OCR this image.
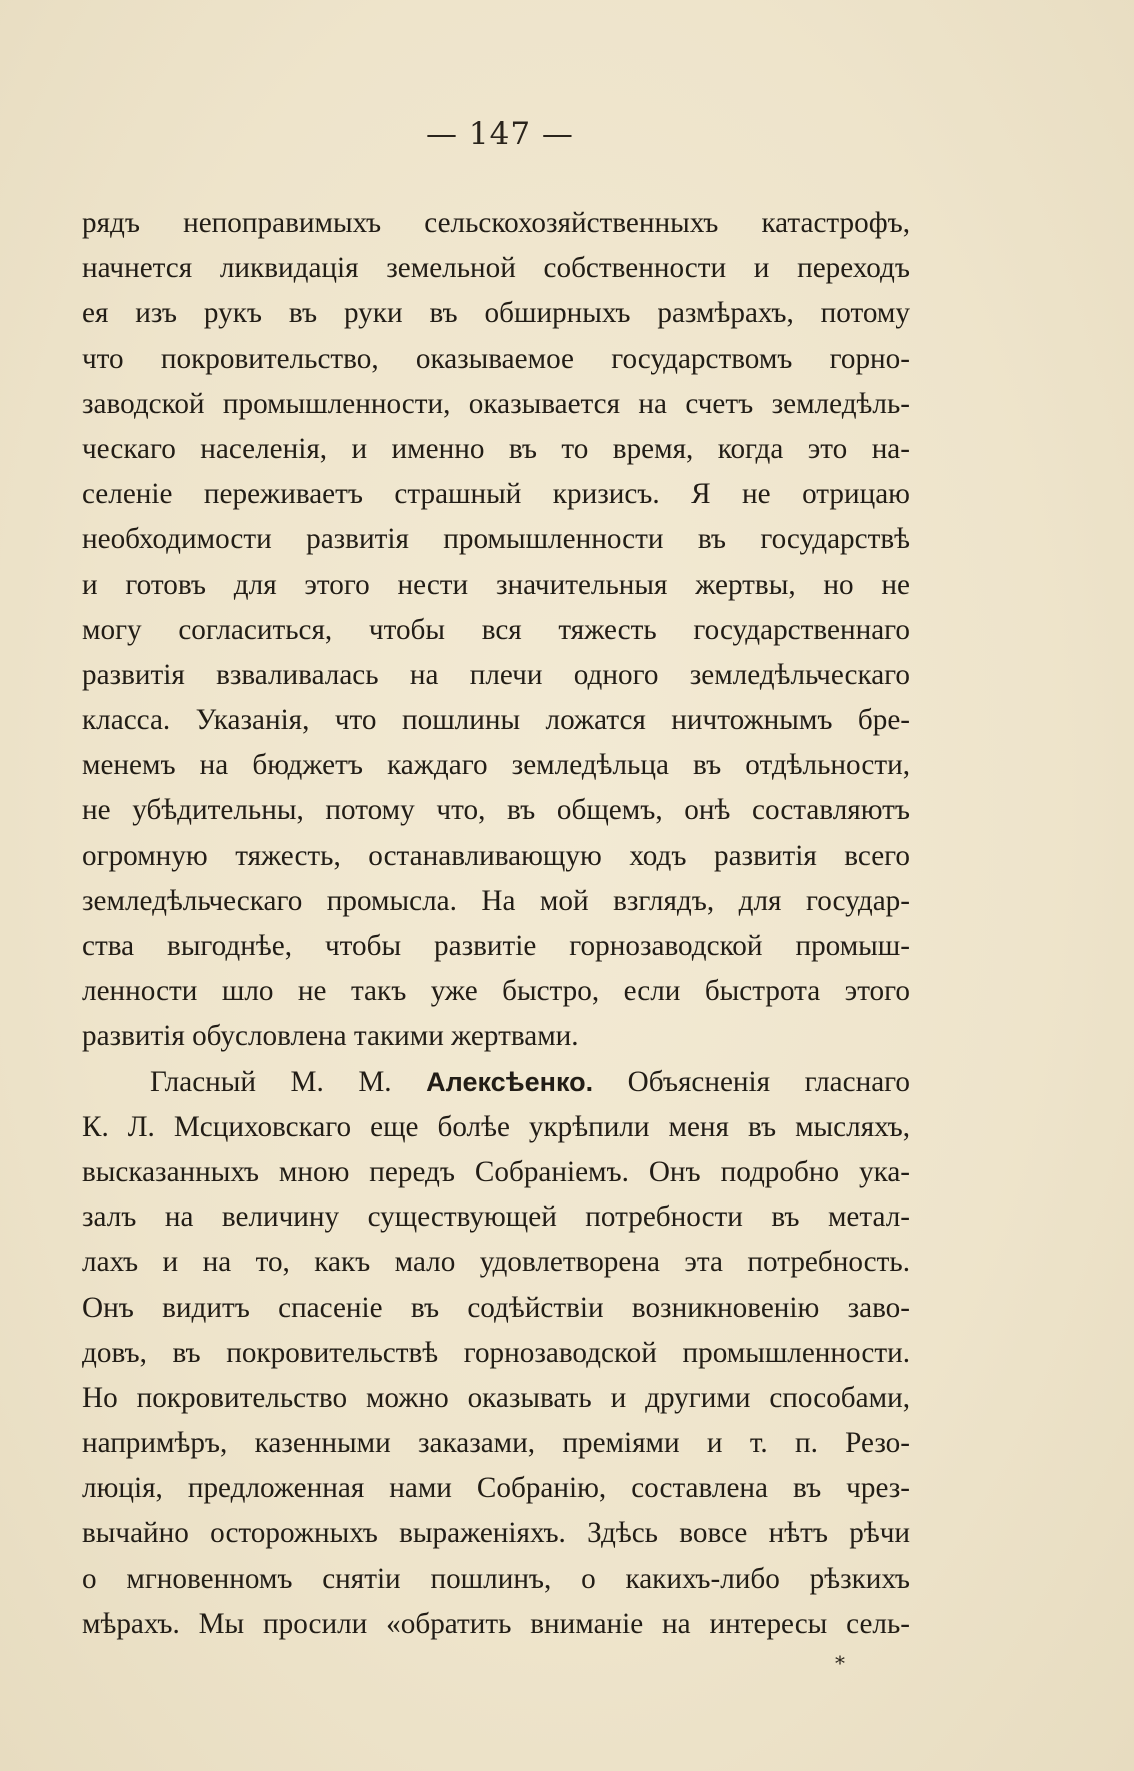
— 147 —
рядъ непоправимыхъ сельскохозяйственныхъ катастрофъ,
начнется ликвидація земельной собственности и переходъ
ея изъ рукъ въ руки въ обширныхъ размѣрахъ, потому
что покровительство, оказываемое государствомъ горно-
заводской промышленности, оказывается на счетъ земледѣль-
ческаго населенія, и именно въ то время, когда это на-
селеніе переживаетъ страшный кризисъ. Я не отрицаю
необходимости развитія промышленности въ государствѣ
и готовъ для этого нести значительныя жертвы, но не
могу согласиться, чтобы вся тяжесть государственнаго
развитія взваливалась на плечи одного земледѣльческаго
класса. Указанія, что пошлины ложатся ничтожнымъ бре-
менемъ на бюджетъ каждаго земледѣльца въ отдѣльности,
не убѣдительны, потому что, въ общемъ, онѣ составляютъ
огромную тяжесть, останавливающую ходъ развитія всего
земледѣльческаго промысла. На мой взглядъ, для государ-
ства выгоднѣе, чтобы развитіе горнозаводской промыш-
ленности шло не такъ уже быстро, если быстрота этого
развитія обусловлена такими жертвами.
Гласный М. М. Алексѣенко. Объясненія гласнаго
К. Л. Мсциховскаго еще болѣе укрѣпили меня въ мысляхъ,
высказанныхъ мною передъ Собраніемъ. Онъ подробно ука-
залъ на величину существующей потребности въ метал-
лахъ и на то, какъ мало удовлетворена эта потребность.
Онъ видитъ спасеніе въ содѣйствіи возникновенію заво-
довъ, въ покровительствѣ горнозаводской промышленности.
Но покровительство можно оказывать и другими способами,
напримѣръ, казенными заказами, преміями и т. п. Резо-
люція, предложенная нами Собранію, составлена въ чрез-
вычайно осторожныхъ выраженіяхъ. Здѣсь вовсе нѣтъ рѣчи
о мгновенномъ снятіи пошлинъ, о какихъ-либо рѣзкихъ
мѣрахъ. Мы просили «обратить вниманіе на интересы сель-
*
